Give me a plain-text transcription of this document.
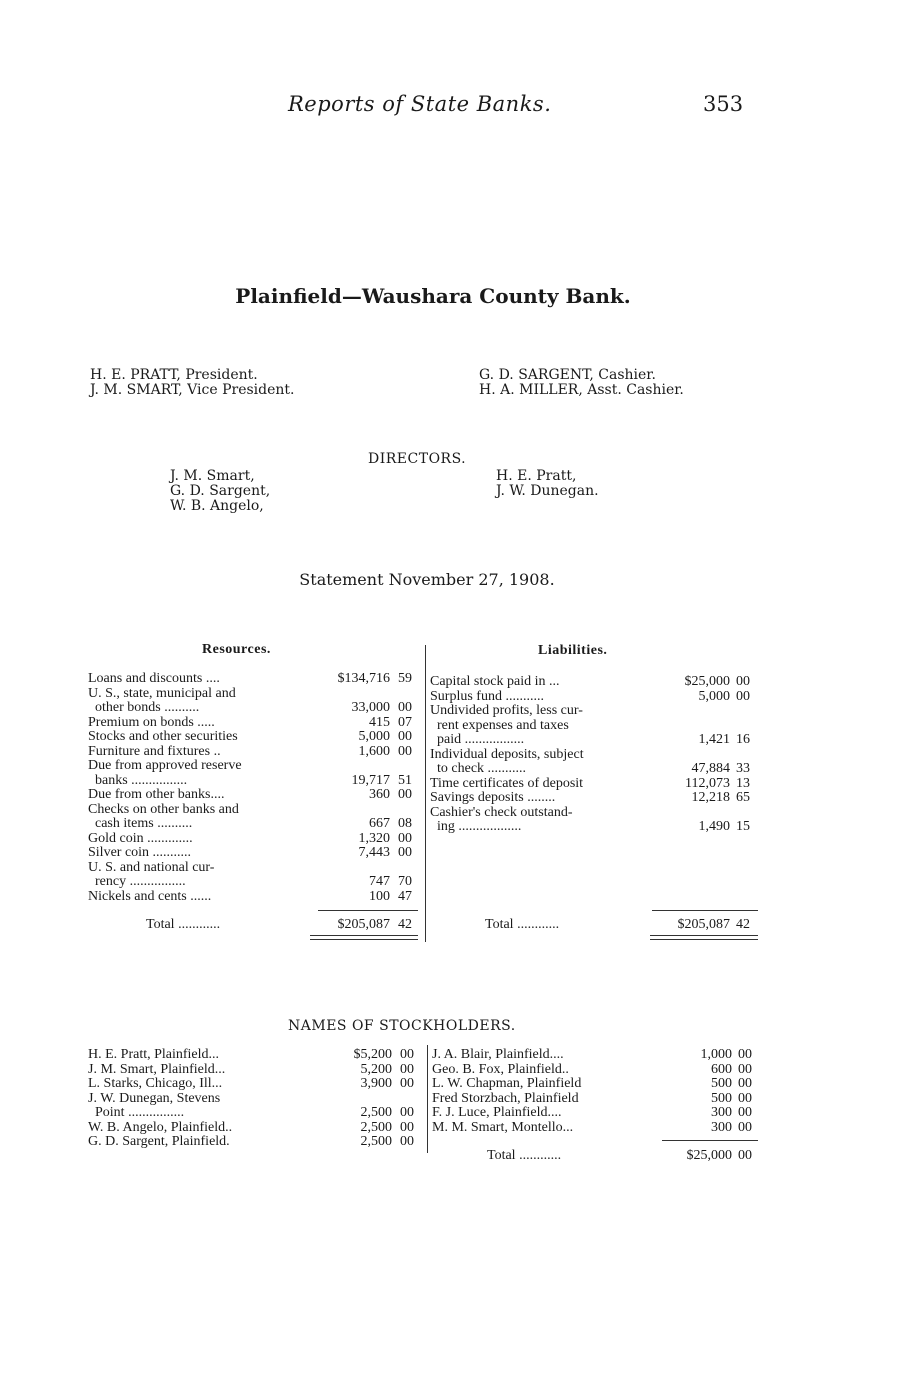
Reports of State Banks.	353
Plainfield—Waushara County Bank.
H. E. PRATT, President.
J. M. SMART, Vice President.
G. D. SARGENT, Cashier.
H. A. MILLER, Asst. Cashier.
DIRECTORS.
J. M. Smart,
G. D. Sargent,
W. B. Angelo,
H. E. Pratt,
J. W. Dunegan.
Statement November 27, 1908.
Resources.	Liabilities.
Loans and discounts ....	$134,716 59
U. S., state, municipal and
other bonds ..........	33,000 00
Premium on bonds .....	415 07
Stocks and other securities	5,000 00
Furniture and fixtures ..	1,600 00
Due from approved reserve
banks ................	19,717 51
Due from other banks....	360 00
Checks on other banks and
cash items ..........	667 08
Gold coin .............	1,320 00
Silver coin ...........	7,443 00
U. S. and national cur-
rency ................	747 70
Nickels and cents ......	100 47
Total ............	$205,087 42
Capital stock paid in ...	$25,000 00
Surplus fund ...........	5,000 00
Undivided profits, less cur-
rent expenses and taxes
paid .................	1,421 16
Individual deposits, subject
to check ...........	47,884 33
Time certificates of deposit	112,073 13
Savings deposits ........	12,218 65
Cashier's check outstand-
ing ..................	1,490 15
Total ............	$205,087 42
NAMES OF STOCKHOLDERS.
H. E. Pratt, Plainfield...	$5,200 00
J. M. Smart, Plainfield...	5,200 00
L. Starks, Chicago, Ill...	3,900 00
J. W. Dunegan, Stevens
Point ................	2,500 00
W. B. Angelo, Plainfield..	2,500 00
G. D. Sargent, Plainfield.	2,500 00
J. A. Blair, Plainfield....	1,000 00
Geo. B. Fox, Plainfield..	600 00
L. W. Chapman, Plainfield	500 00
Fred Storzbach, Plainfield	500 00
F. J. Luce, Plainfield....	300 00
M. M. Smart, Montello...	300 00
Total ............	$25,000 00
